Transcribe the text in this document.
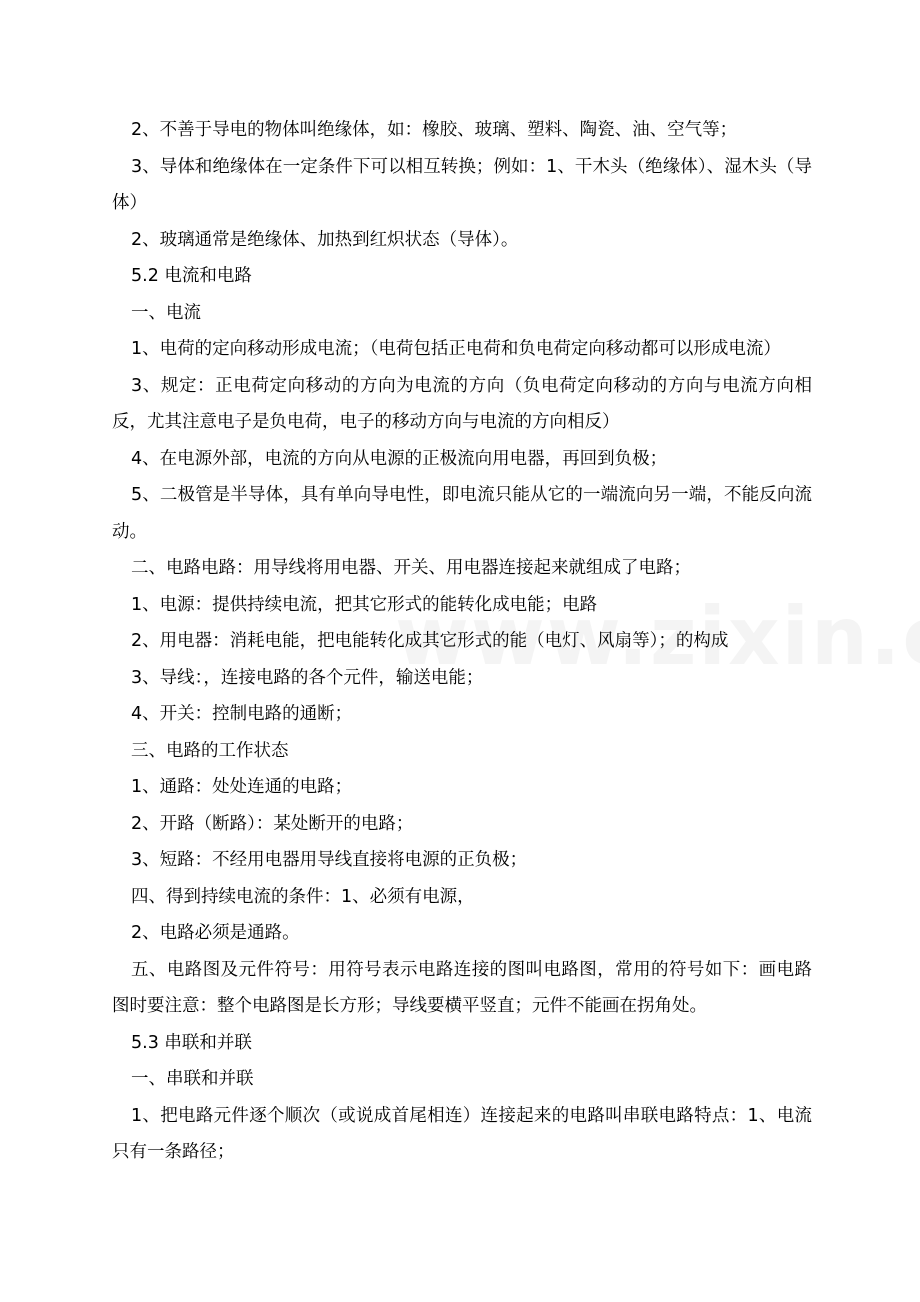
2、不善于导电的物体叫绝缘体，如：橡胶、玻璃、塑料、陶瓷、油、空气等；

3、导体和绝缘体在一定条件下可以相互转换；例如：1、干木头（绝缘体）、湿木头（导体）

2、玻璃通常是绝缘体、加热到红炽状态（导体）。

5.2 电流和电路

一、电流

1、电荷的定向移动形成电流；（电荷包括正电荷和负电荷定向移动都可以形成电流）

3、规定：正电荷定向移动的方向为电流的方向（负电荷定向移动的方向与电流方向相反，尤其注意电子是负电荷，电子的移动方向与电流的方向相反）

4、在电源外部，电流的方向从电源的正极流向用电器，再回到负极；

5、二极管是半导体，具有单向导电性，即电流只能从它的一端流向另一端，不能反向流动。

二、电路电路：用导线将用电器、开关、用电器连接起来就组成了电路；

1、电源：提供持续电流，把其它形式的能转化成电能；电路

2、用电器：消耗电能，把电能转化成其它形式的能（电灯、风扇等）；的构成

3、导线：，连接电路的各个元件，输送电能；

4、开关：控制电路的通断；

三、电路的工作状态

1、通路：处处连通的电路；

2、开路（断路）：某处断开的电路；

3、短路：不经用电器用导线直接将电源的正负极；

四、得到持续电流的条件：1、必须有电源，

2、电路必须是通路。

五、电路图及元件符号：用符号表示电路连接的图叫电路图，常用的符号如下：画电路图时要注意：整个电路图是长方形；导线要横平竖直；元件不能画在拐角处。

5.3 串联和并联

一、串联和并联

1、把电路元件逐个顺次（或说成首尾相连）连接起来的电路叫串联电路特点：1、电流只有一条路径；
